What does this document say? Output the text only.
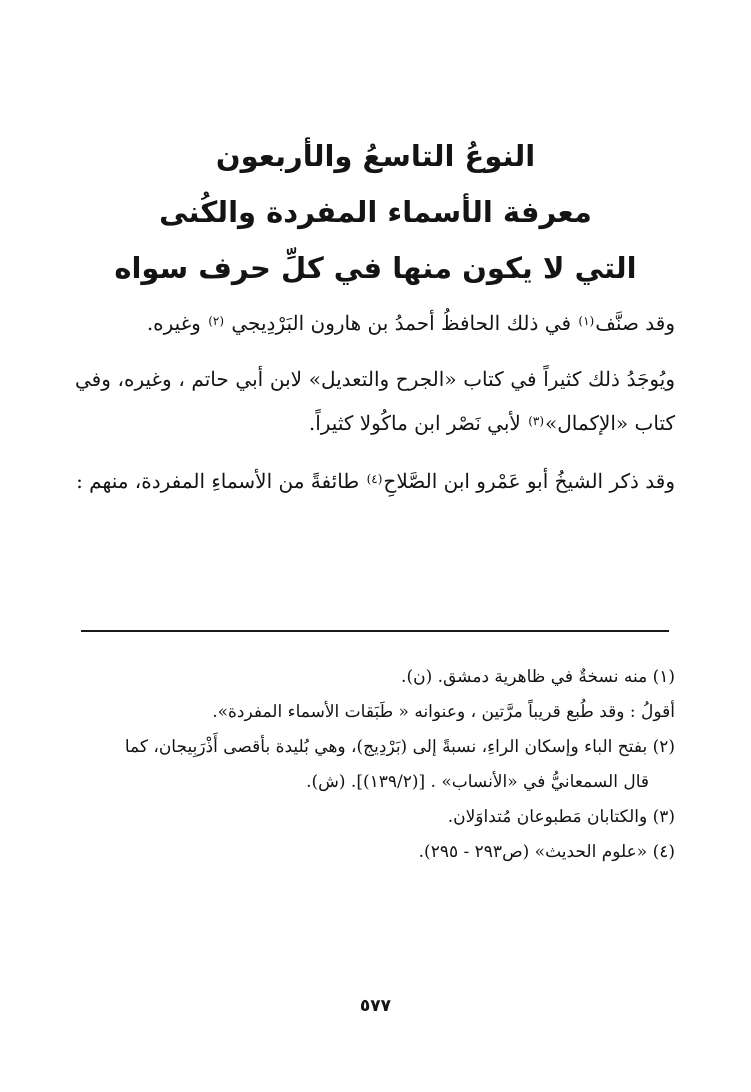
النوعُ التاسعُ والأربعون

معرفة الأسماء المفردة والكُنى

التي لا يكون منها في كلِّ حرف سواه

وقد صنَّف$^{(١)}$ في ذلك الحافظُ أحمدُ بن هارون البَرْدِيجي $^{(٢)}$ وغيره.

ويُوجَدُ ذلك كثيراً في كتاب «الجرح والتعديل» لابن أبي حاتم ، وغيره، وفي كتاب «الإكمال»$^{(٣)}$ لأبي نَصْر ابن ماكُولا كثيراً.

وقد ذكر الشيخُ أبو عَمْرو ابن الصَّلاحِ$^{(٤)}$ طائفةً من الأسماءِ المفردة، منهم :

(١) منه نسخةٌ في ظاهرية دمشق. (ن).

أقولُ : وقد طُبع قريباً مرَّتين ، وعنوانه « طَبَقات الأسماء المفردة».

(٢) بفتح الباء وإسكان الراءِ، نسبةً إلى (بَرْدِيج)، وهي بُليدة بأقصى أَذْرَبِيجان، كما

قال السمعانيُّ في «الأنساب» . [(١٣٩/٢)]. (ش).

(٣) والكتابان مَطبوعان مُتداوَلان.

(٤) «علوم الحديث» (ص٢٩٣ - ٢٩٥).

٥٧٧
